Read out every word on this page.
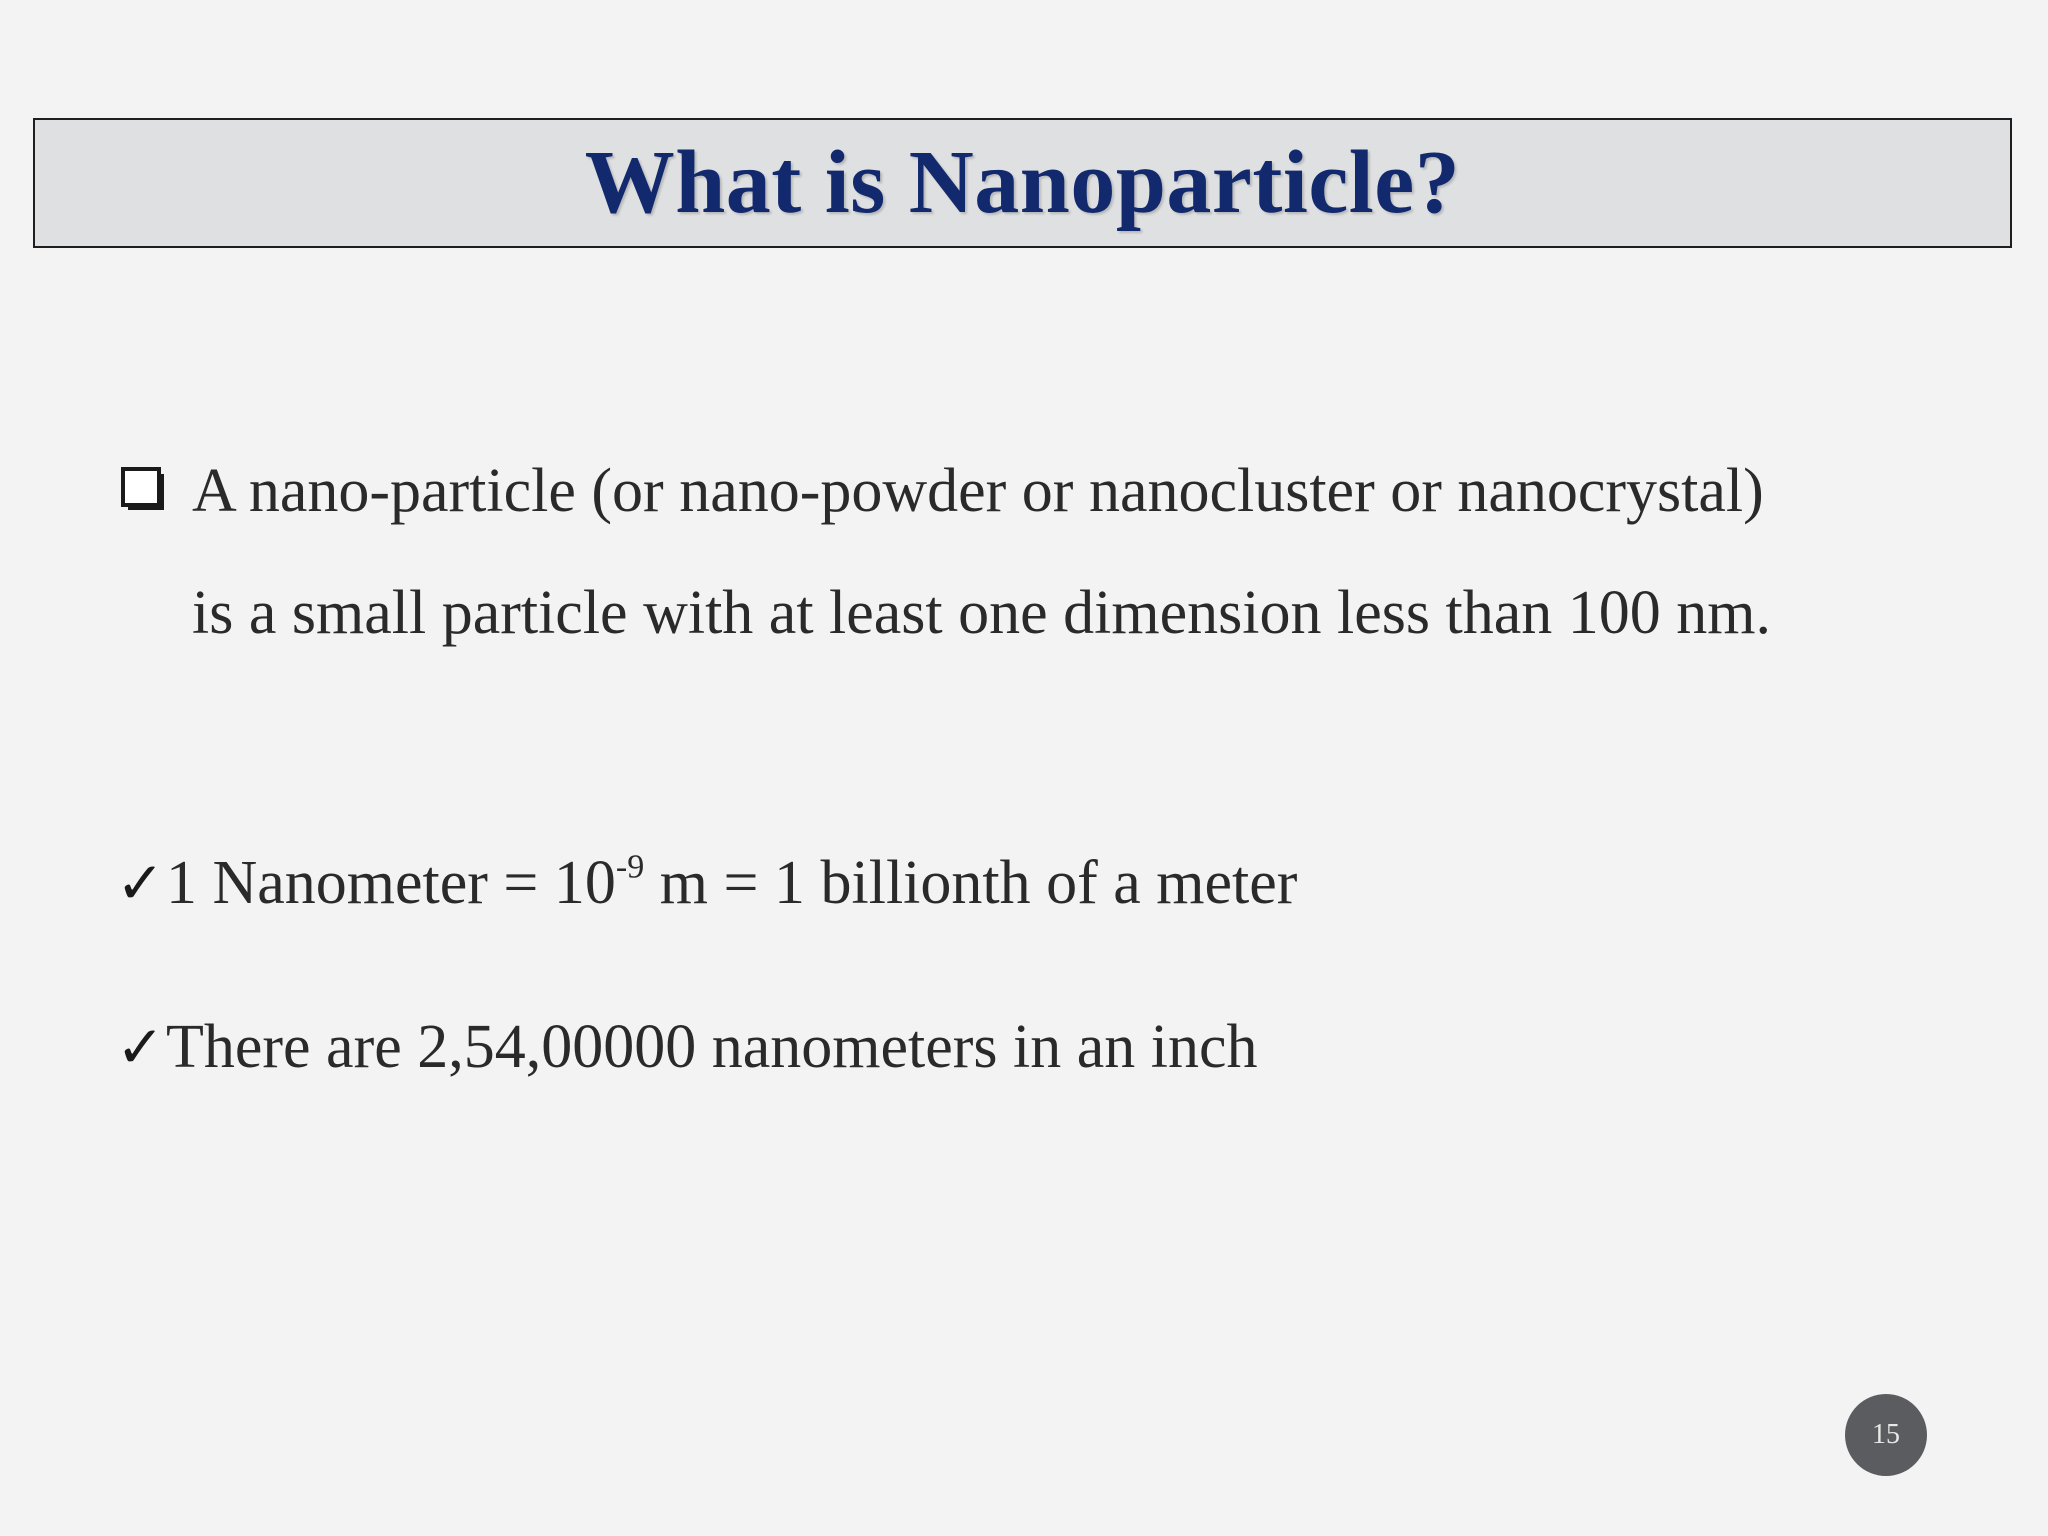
What is Nanoparticle?
A nano-particle (or nano-powder or nanocluster or nanocrystal)
is a small particle with at least one dimension less than 100 nm.
✓ 1 Nanometer = $10^{-9}$ m = 1 billionth of a meter
✓ There are 2,54,00000 nanometers in an inch
15
